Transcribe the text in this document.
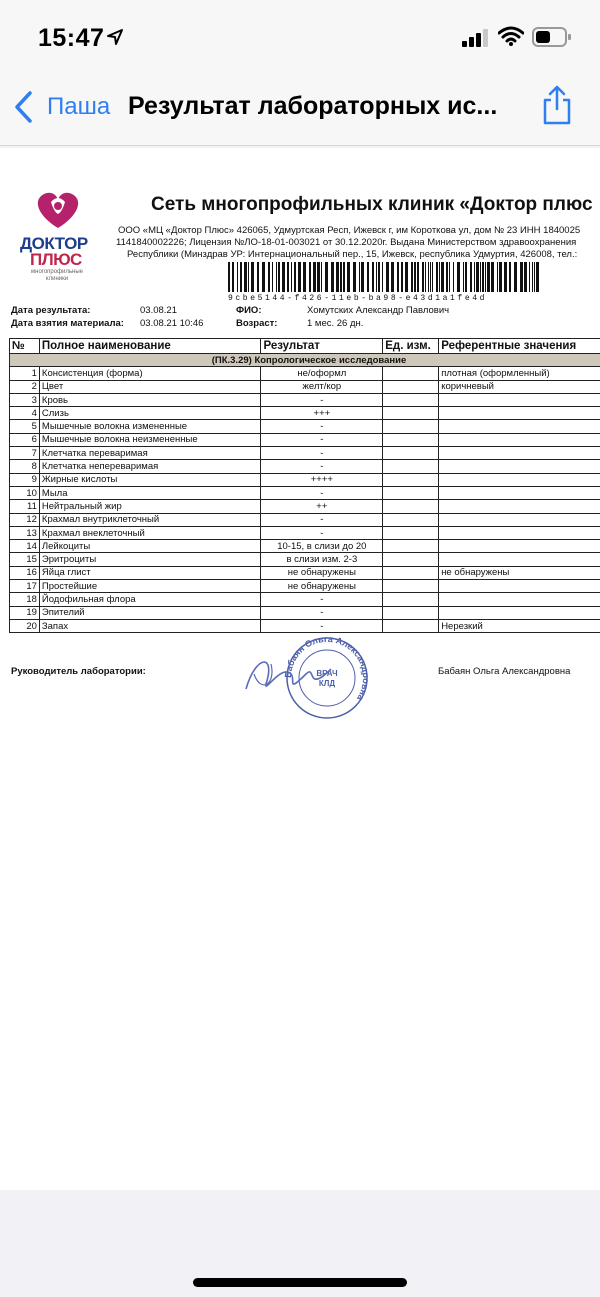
15:47
Паша Результат лабораторных ис...
ДОКТОР
ПЛЮС
многопрофильные клиники
Сеть многопрофильных клиник «Доктор плюс
ООО «МЦ «Доктор Плюс» 426065, Удмуртская Респ, Ижевск г, им Короткова ул, дом № 23 ИНН 1840025
1141840002226; Лицензия №ЛО-18-01-003021 от 30.12.2020г. Выдана Министерством здравоохранения
Республики (Минздрав УР: Интернациональный пер., 15, Ижевск, республика Удмуртия, 426008, тел.:
9cbe5144-f426-11eb-ba98-e43d1a1fe4d
Дата результата:	03.08.21
Дата взятия материала: 03.08.21 10:46
ФИО:	Хомутских Александр Павлович
Возраст:	1 мес. 26 дн.
№	Полное наименование	Результат	Ед. изм.	Референтные значения
(ПК.3.29) Копрологическое исследование				
1	Консистенция (форма)	не/оформл		плотная (оформленный)
2	Цвет	желт/кор		коричневый
3	Кровь	-		
4	Слизь	+++		
5	Мышечные волокна измененные	-		
6	Мышечные волокна неизмененные	-		
7	Клетчатка переваримая	-		
8	Клетчатка непереваримая	-		
9	Жирные кислоты	++++		
10	Мыла	-		
11	Нейтральный жир	++		
12	Крахмал внутриклеточный	-		
13	Крахмал внеклеточный	-		
14	Лейкоциты	10-15, в слизи до 20		
15	Эритроциты	в слизи изм. 2-3		
16	Яйца глист	не обнаружены		не обнаружены
17	Простейшие	не обнаружены		
18	Йодофильная флора	-		
19	Эпителий	-		
20	Запах	-		Нерезкий
Руководитель лаборатории:	Бабаян Ольга Александровна
Бабаян Ольга Александровна
ВРАЧ
КЛД
